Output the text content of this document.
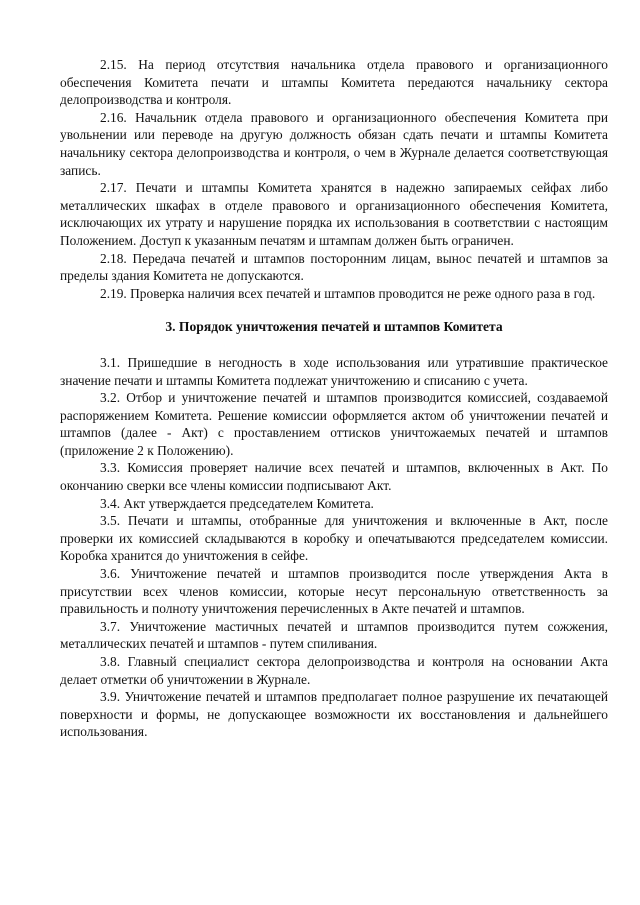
2.15. На период отсутствия начальника отдела правового и организационного обеспечения Комитета печати и штампы Комитета передаются начальнику сектора делопроизводства и контроля.

2.16. Начальник отдела правового и организационного обеспечения Комитета при увольнении или переводе на другую должность обязан сдать печати и штампы Комитета начальнику сектора делопроизводства и контроля, о чем в Журнале делается соответствующая запись.

2.17. Печати и штампы Комитета хранятся в надежно запираемых сейфах либо металлических шкафах в отделе правового и организационного обеспечения Комитета, исключающих их утрату и нарушение порядка их использования в соответствии с настоящим Положением. Доступ к указанным печатям и штампам должен быть ограничен.

2.18. Передача печатей и штампов посторонним лицам, вынос печатей и штампов за пределы здания Комитета не допускаются.

2.19. Проверка наличия всех печатей и штампов проводится не реже одного раза в год.

3. Порядок уничтожения печатей и штампов Комитета

3.1. Пришедшие в негодность в ходе использования или утратившие практическое значение печати и штампы Комитета подлежат уничтожению и списанию с учета.

3.2. Отбор и уничтожение печатей и штампов производится комиссией, создаваемой распоряжением Комитета. Решение комиссии оформляется актом об уничтожении печатей и штампов (далее - Акт) с проставлением оттисков уничтожаемых печатей и штампов (приложение 2 к Положению).

3.3. Комиссия проверяет наличие всех печатей и штампов, включенных в Акт. По окончанию сверки все члены комиссии подписывают Акт.

3.4. Акт утверждается председателем Комитета.

3.5. Печати и штампы, отобранные для уничтожения и включенные в Акт, после проверки их комиссией складываются в коробку и опечатываются председателем комиссии. Коробка хранится до уничтожения в сейфе.

3.6. Уничтожение печатей и штампов производится после утверждения Акта в присутствии всех членов комиссии, которые несут персональную ответственность за правильность и полноту уничтожения перечисленных в Акте печатей и штампов.

3.7. Уничтожение мастичных печатей и штампов производится путем сожжения, металлических печатей и штампов - путем спиливания.

3.8. Главный специалист сектора делопроизводства и контроля на основании Акта делает отметки об уничтожении в Журнале.

3.9. Уничтожение печатей и штампов предполагает полное разрушение их печатающей поверхности и формы, не допускающее возможности их восстановления и дальнейшего использования.
